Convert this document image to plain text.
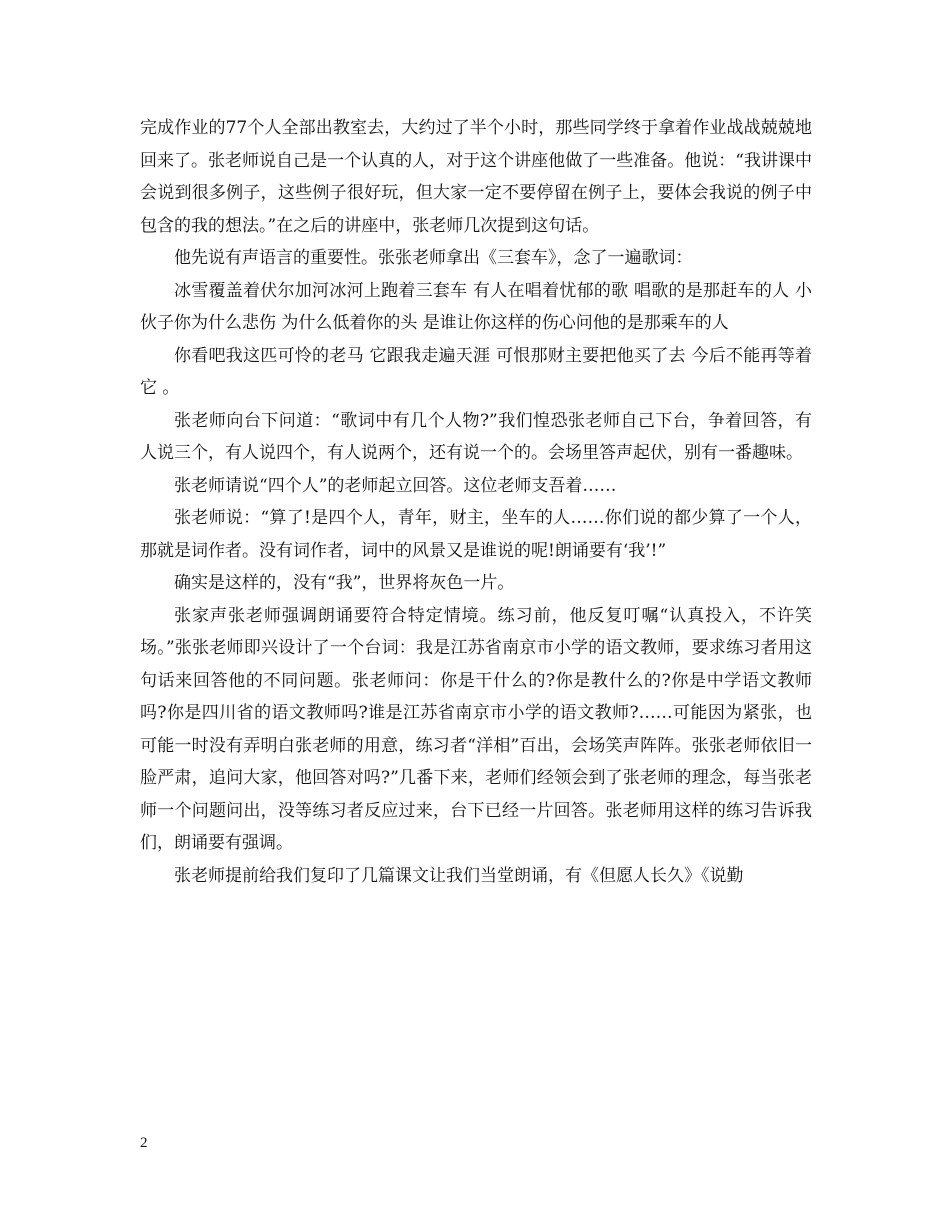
完成作业的77个人全部出教室去，大约过了半个小时，那些同学终于拿着作业战战兢兢地回来了。张老师说自己是一个认真的人，对于这个讲座他做了一些准备。他说：“我讲课中会说到很多例子，这些例子很好玩，但大家一定不要停留在例子上，要体会我说的例子中包含的我的想法。”在之后的讲座中，张老师几次提到这句话。

他先说有声语言的重要性。张张老师拿出《三套车》，念了一遍歌词：

冰雪覆盖着伏尔加河冰河上跑着三套车 有人在唱着忧郁的歌 唱歌的是那赶车的人 小伙子你为什么悲伤 为什么低着你的头 是谁让你这样的伤心问他的是那乘车的人

你看吧我这匹可怜的老马 它跟我走遍天涯 可恨那财主要把他买了去 今后不能再等着它 。

张老师向台下问道：“歌词中有几个人物?”我们惶恐张老师自己下台，争着回答，有人说三个，有人说四个，有人说两个，还有说一个的。会场里答声起伏，别有一番趣味。

张老师请说“四个人”的老师起立回答。这位老师支吾着……

张老师说：“算了!是四个人，青年，财主，坐车的人……你们说的都少算了一个人，那就是词作者。没有词作者，词中的风景又是谁说的呢!朗诵要有‘我’!”

确实是这样的，没有“我”，世界将灰色一片。

张家声张老师强调朗诵要符合特定情境。练习前，他反复叮嘱“认真投入，不许笑场。”张张老师即兴设计了一个台词：我是江苏省南京市小学的语文教师，要求练习者用这句话来回答他的不同问题。张老师问：你是干什么的?你是教什么的?你是中学语文教师吗?你是四川省的语文教师吗?谁是江苏省南京市小学的语文教师?……可能因为紧张，也可能一时没有弄明白张老师的用意，练习者“洋相”百出，会场笑声阵阵。张张老师依旧一脸严肃，追问大家，他回答对吗?”几番下来，老师们经领会到了张老师的理念，每当张老师一个问题问出，没等练习者反应过来，台下已经一片回答。张老师用这样的练习告诉我们，朗诵要有强调。

张老师提前给我们复印了几篇课文让我们当堂朗诵，有《但愿人长久》《说勤

2
